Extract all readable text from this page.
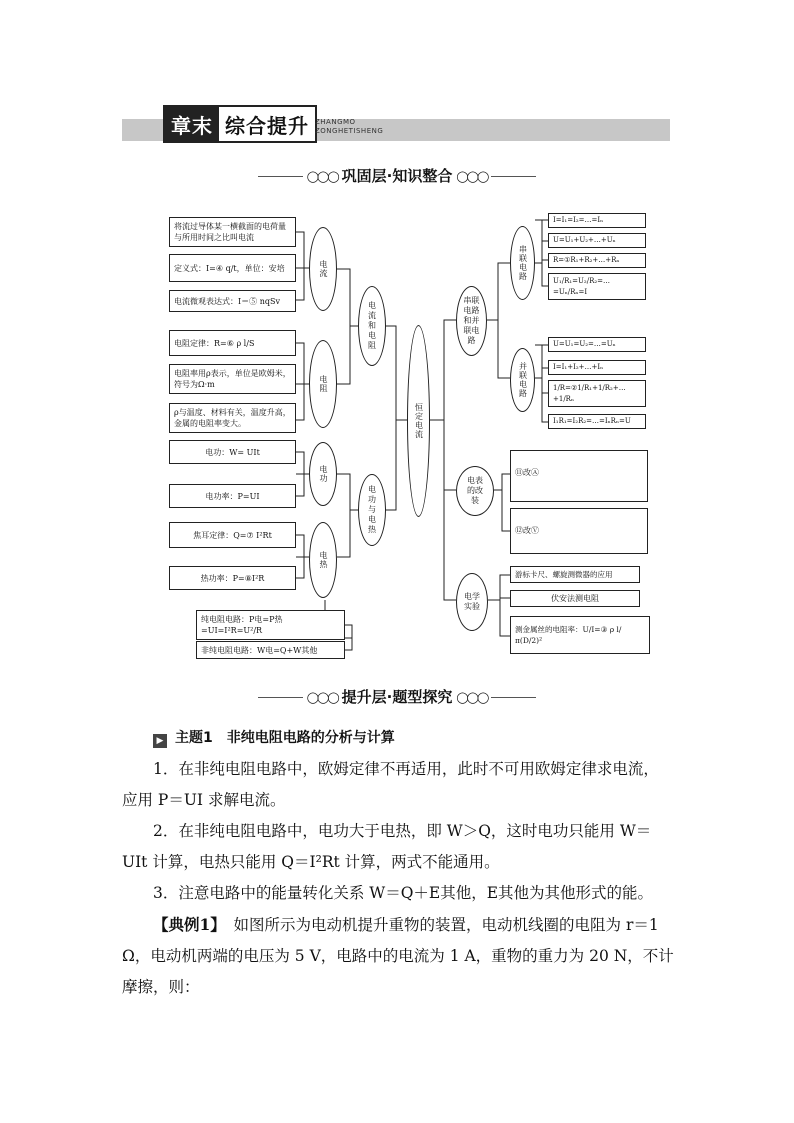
章末 综合提升 ZHANGMO
ZONGHETISHENG
◯◯◯ 巩固层·知识整合 ◯◯◯
将流过导体某一横截面的电荷量与所用时间之比叫电流
定义式：I=④ q/t，单位：安培
电流微观表达式：I＝⑤ nqSv
电阻定律：R=⑥ ρ l/S
电阻率用ρ表示，单位是欧姆米，符号为Ω·m
ρ与温度、材料有关，温度升高，金属的电阻率变大。
电功：W= UIt
电功率：P=UI
焦耳定律：Q=⑦ I²Rt
热功率：P=⑧I²R
纯电阻电路：P电=P热=UI=I²R=U²/R
非纯电阻电路：W电=Q+W其他
电流
电阻
电功
电热
电流和电阻
电功与电热
恒定电流
串联电路和并联电路
串联电路
并联电路
电表的改装
电学实验
I=I₁=I₂=…=Iₙ
U=U₁+U₂+…+Uₙ
R=①R₁+R₂+…+Rₙ
U₁/R₁=U₂/R₂=…=Uₙ/Rₙ=I
U=U₁=U₂=…=Uₙ
I=I₁+I₂+…+Iₙ
1/R=②1/R₁+1/R₂+…+1/Rₙ
I₁R₁=I₂R₂=…=IₙRₙ=U
⑪改Ⓐ
⑫改Ⓥ
游标卡尺、螺旋测微器的应用
伏安法测电阻
测金属丝的电阻率：U/I=③ ρ l/π(D/2)²
◯◯◯ 提升层·题型探究 ◯◯◯
▶ 主题1　非纯电阻电路的分析与计算
1．在非纯电阻电路中，欧姆定律不再适用，此时不可用欧姆定律求电流，应用 P＝UI 求解电流。
2．在非纯电阻电路中，电功大于电热，即 W＞Q，这时电功只能用 W＝UIt 计算，电热只能用 Q＝I²Rt 计算，两式不能通用。
3．注意电路中的能量转化关系 W＝Q＋E其他，E其他为其他形式的能。
【典例1】　如图所示为电动机提升重物的装置，电动机线圈的电阻为 r＝1 Ω，电动机两端的电压为 5 V，电路中的电流为 1 A，重物的重力为 20 N，不计摩擦，则：
